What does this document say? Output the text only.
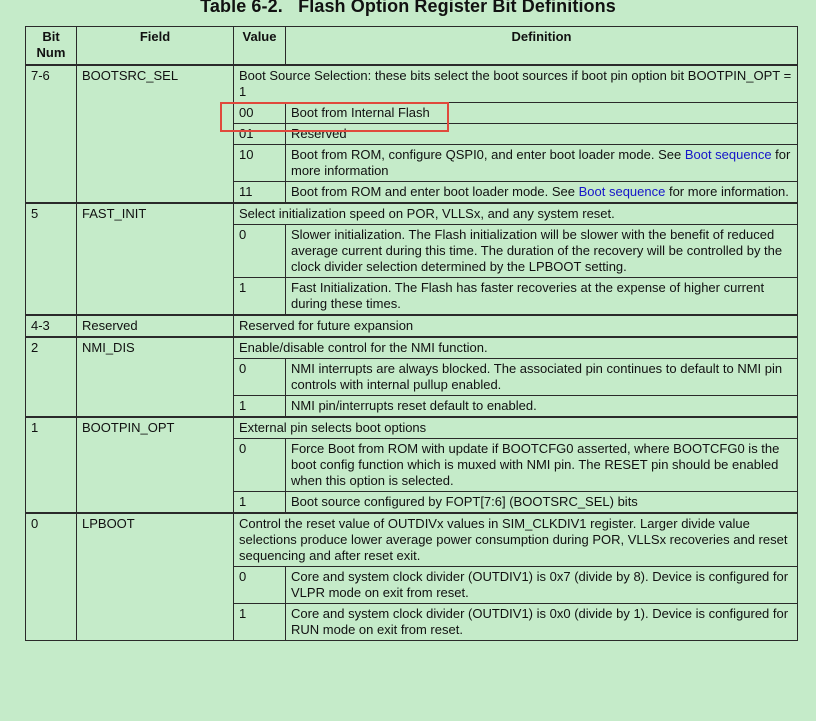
Table 6-2.   Flash Option Register Bit Definitions
Bit Num	Field	Value	Definition
7-6	BOOTSRC_SEL	Boot Source Selection: these bits select the boot sources if boot pin option bit BOOTPIN_OPT = 1	
		00	Boot from Internal Flash
		01	Reserved
		10	Boot from ROM, configure QSPI0, and enter boot loader mode. See Boot sequence for more information
		11	Boot from ROM and enter boot loader mode. See Boot sequence for more information.
5	FAST_INIT	Select initialization speed on POR, VLLSx, and any system reset.	
		0	Slower initialization. The Flash initialization will be slower with the benefit of reduced average current during this time. The duration of the recovery will be controlled by the clock divider selection determined by the LPBOOT setting.
		1	Fast Initialization. The Flash has faster recoveries at the expense of higher current during these times.
4-3	Reserved	Reserved for future expansion	
2	NMI_DIS	Enable/disable control for the NMI function.	
		0	NMI interrupts are always blocked. The associated pin continues to default to NMI pin controls with internal pullup enabled.
		1	NMI pin/interrupts reset default to enabled.
1	BOOTPIN_OPT	External pin selects boot options	
		0	Force Boot from ROM with update if BOOTCFG0 asserted, where BOOTCFG0 is the boot config function which is muxed with NMI pin. The RESET pin should be enabled when this option is selected.
		1	Boot source configured by FOPT[7:6] (BOOTSRC_SEL) bits
0	LPBOOT	Control the reset value of OUTDIVx values in SIM_CLKDIV1 register. Larger divide value selections produce lower average power consumption during POR, VLLSx recoveries and reset sequencing and after reset exit.	
		0	Core and system clock divider (OUTDIV1) is 0x7 (divide by 8). Device is configured for VLPR mode on exit from reset.
		1	Core and system clock divider (OUTDIV1) is 0x0 (divide by 1). Device is configured for RUN mode on exit from reset.
